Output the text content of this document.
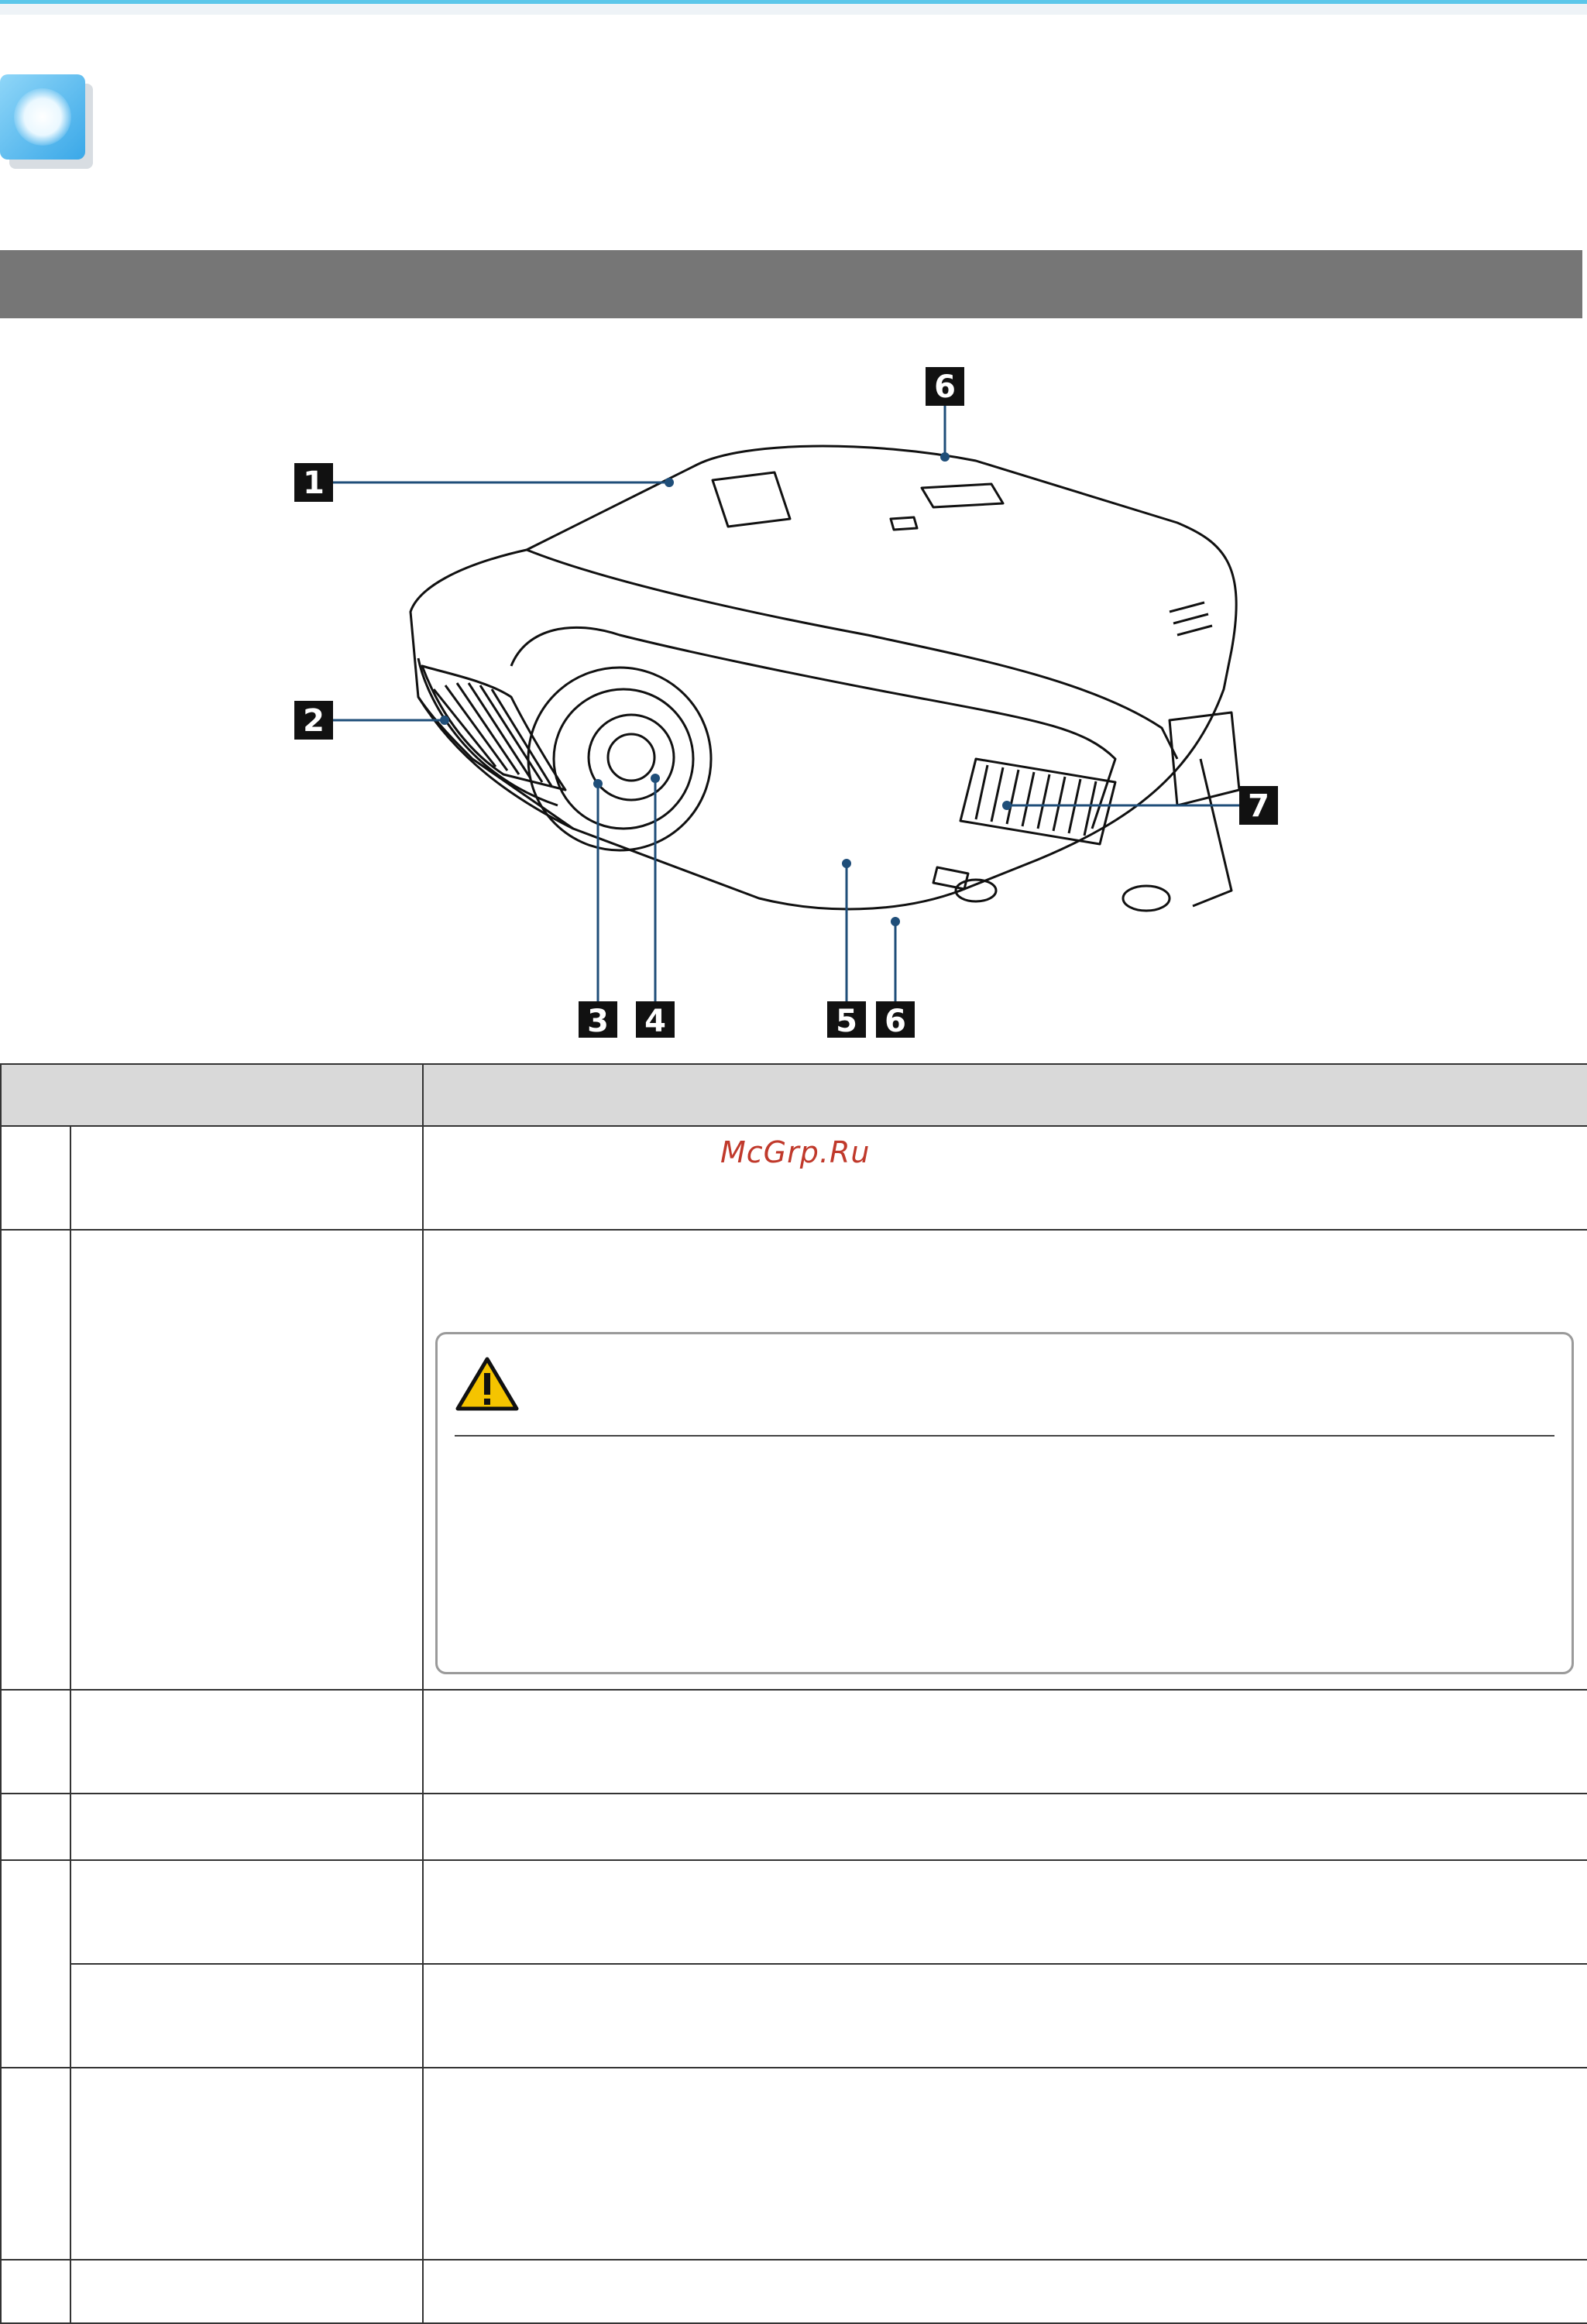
1
2
3 4	5 6
6
7

McGrp.Ru
